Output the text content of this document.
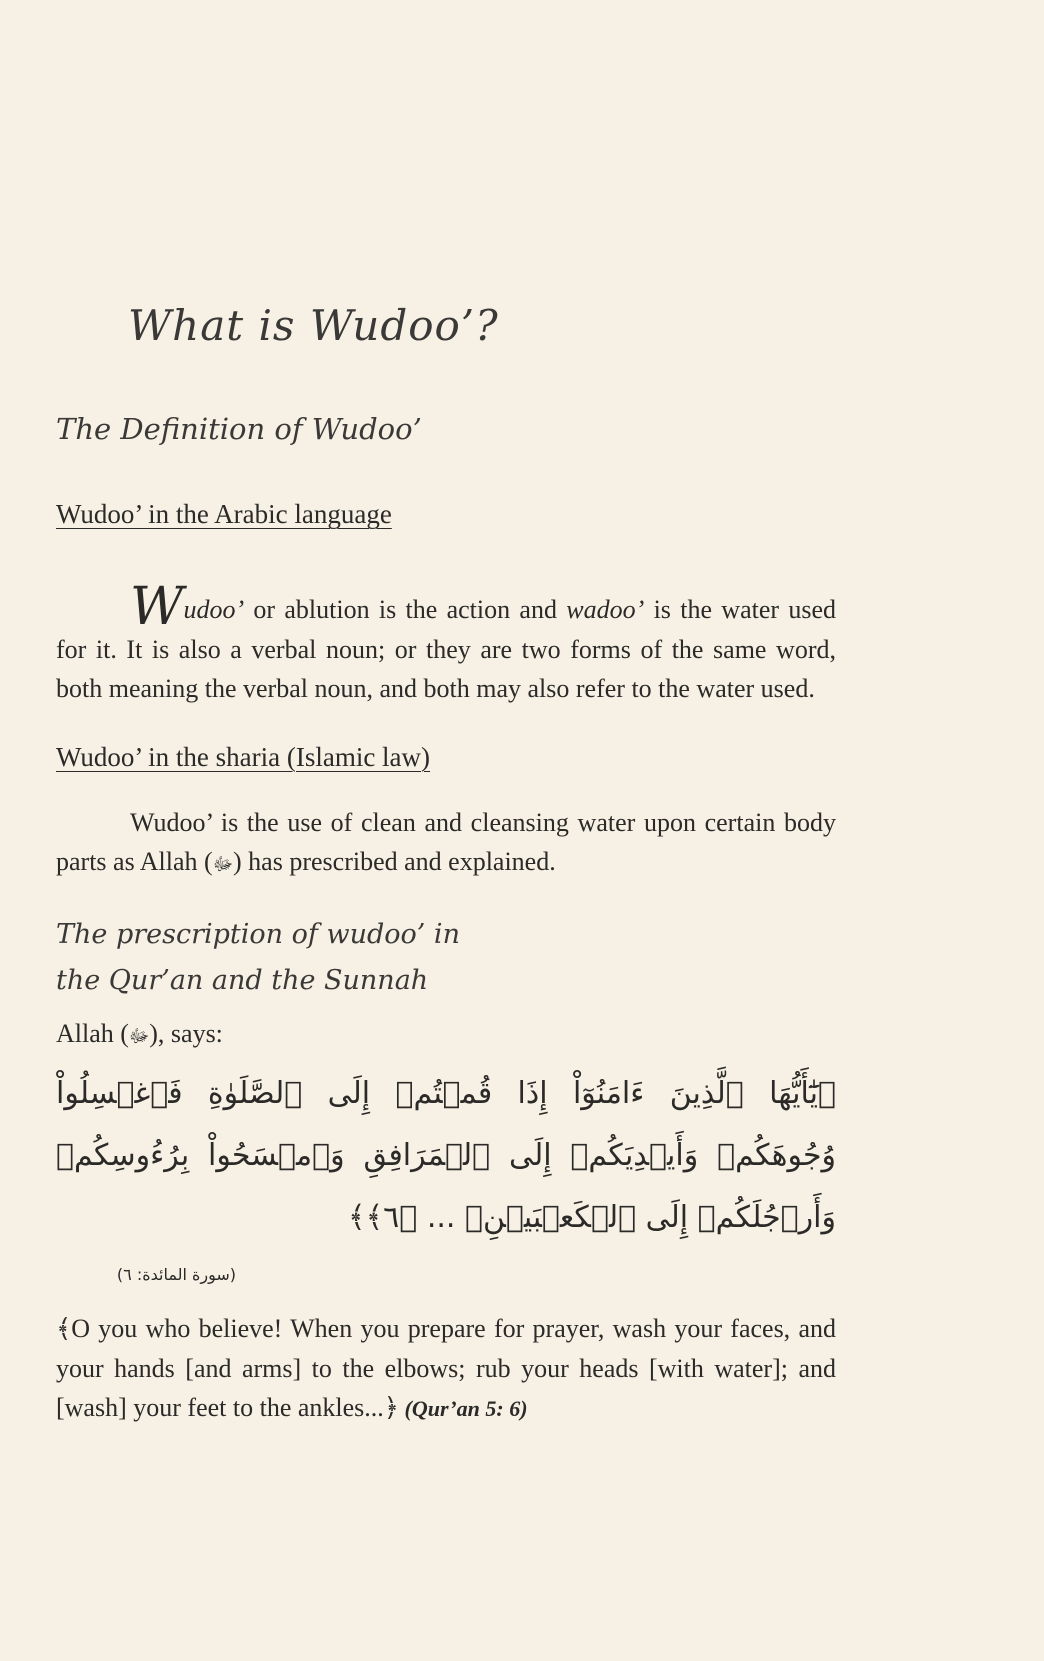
What is Wudoo’?
The Definition of Wudoo’
Wudoo’ in the Arabic language
Wudoo’ or ablution is the action and wadoo’ is the water used for it. It is also a verbal noun; or they are two forms of the same word, both meaning the verbal noun, and both may also refer to the water used.
Wudoo’ in the sharia (Islamic law)
Wudoo’ is the use of clean and cleansing water upon certain body parts as Allah (ﷻ) has prescribed and explained.
The prescription of wudoo’ in
the Qur’an and the Sunnah
Allah (ﷻ), says:
﴿يَٰٓأَيُّهَا ٱلَّذِينَ ءَامَنُوٓاْ إِذَا قُمۡتُمۡ إِلَى ٱلصَّلَوٰةِ فَٱغۡسِلُواْ وُجُوهَكُمۡ وَأَيۡدِيَكُمۡ إِلَى ٱلۡمَرَافِقِ وَٱمۡسَحُواْ بِرُءُوسِكُمۡ وَأَرۡجُلَكُمۡ إِلَى ٱلۡكَعۡبَيۡنِۚ ... ﴿٦﴾﴾
(سورة المائدة: ٦)
﴾O you who believe! When you prepare for prayer, wash your faces, and your hands [and arms] to the elbows; rub your heads [with water]; and [wash] your feet to the ankles...﴿ (Qur’an 5: 6)
